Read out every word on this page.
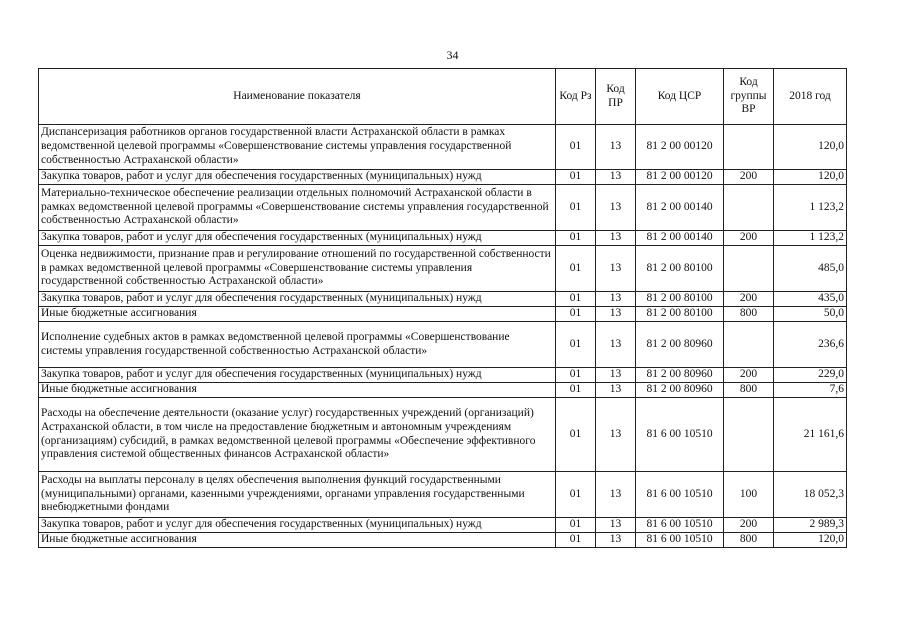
34
Наименование показателя	Код Рз	Код ПР	Код ЦСР	Код группы ВР	2018 год
Диспансеризация работников органов государственной власти Астраханской области в рамках ведомственной целевой программы «Совершенствование системы управления государственной собственностью Астраханской области»	01	13	81 2 00 00120		120,0
Закупка товаров, работ и услуг для обеспечения государственных (муниципальных) нужд	01	13	81 2 00 00120	200	120,0
Материально-техническое обеспечение реализации отдельных полномочий Астраханской области в рамках ведомственной целевой программы «Совершенствование системы управления государственной собственностью Астраханской области»	01	13	81 2 00 00140		1 123,2
Закупка товаров, работ и услуг для обеспечения государственных (муниципальных) нужд	01	13	81 2 00 00140	200	1 123,2
Оценка недвижимости, признание прав и регулирование отношений по государственной собственности в рамках ведомственной целевой программы «Совершенствование системы управления государственной собственностью Астраханской области»	01	13	81 2 00 80100		485,0
Закупка товаров, работ и услуг для обеспечения государственных (муниципальных) нужд	01	13	81 2 00 80100	200	435,0
Иные бюджетные ассигнования	01	13	81 2 00 80100	800	50,0
Исполнение судебных актов в рамках ведомственной целевой программы «Совершенствование системы управления государственной собственностью Астраханской области»	01	13	81 2 00 80960		236,6
Закупка товаров, работ и услуг для обеспечения государственных (муниципальных) нужд	01	13	81 2 00 80960	200	229,0
Иные бюджетные ассигнования	01	13	81 2 00 80960	800	7,6
Расходы на обеспечение деятельности (оказание услуг) государственных учреждений (организаций) Астраханской области, в том числе на предоставление бюджетным и автономным учреждениям (организациям) субсидий, в рамках ведомственной целевой программы «Обеспечение эффективного управления системой общественных финансов Астраханской области»	01	13	81 6 00 10510		21 161,6
Расходы на выплаты персоналу в целях обеспечения выполнения функций государственными (муниципальными) органами, казенными учреждениями, органами управления государственными внебюджетными фондами	01	13	81 6 00 10510	100	18 052,3
Закупка товаров, работ и услуг для обеспечения государственных (муниципальных) нужд	01	13	81 6 00 10510	200	2 989,3
Иные бюджетные ассигнования	01	13	81 6 00 10510	800	120,0
